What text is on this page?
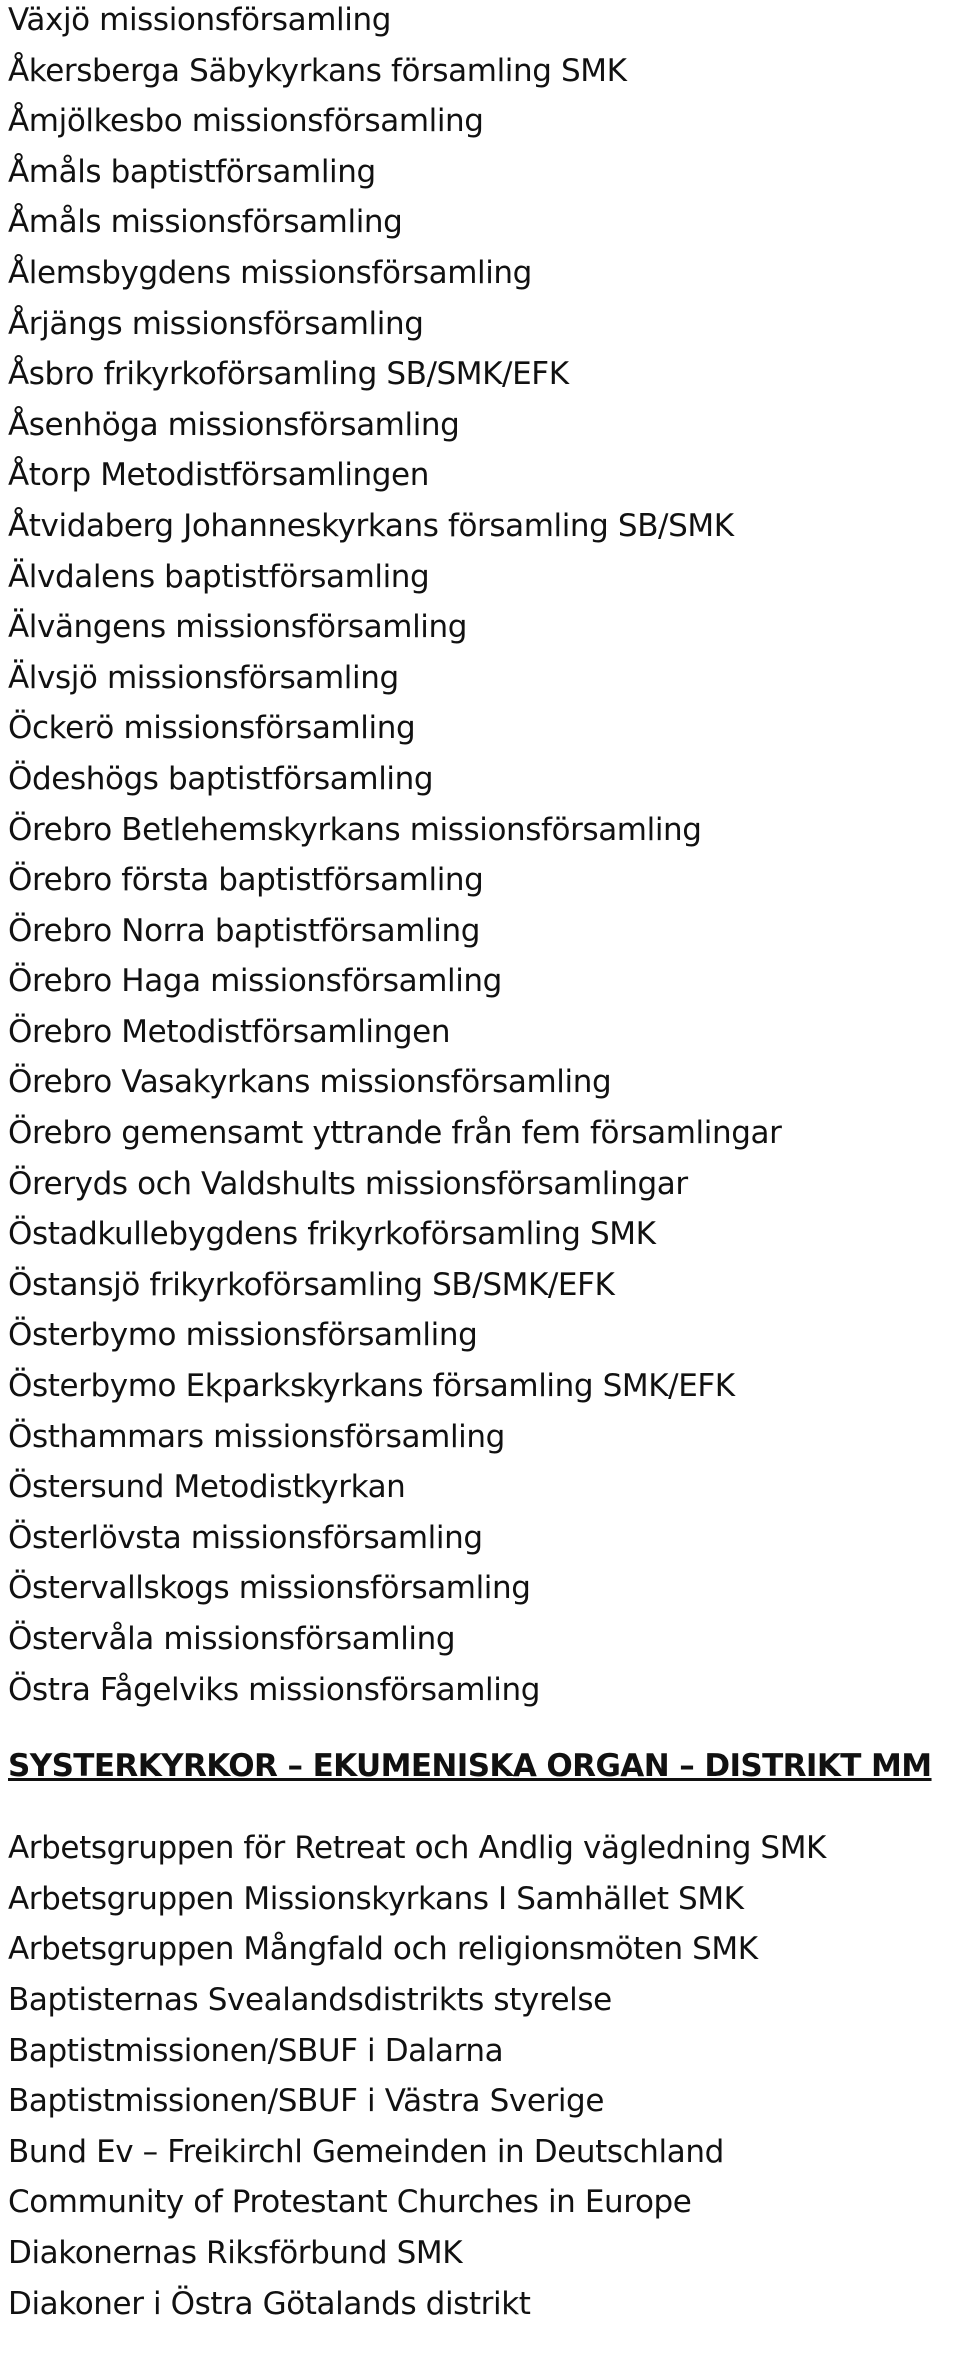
Växjö missionsförsamling
Åkersberga Säbykyrkans församling SMK
Åmjölkesbo missionsförsamling
Åmåls baptistförsamling
Åmåls missionsförsamling
Ålemsbygdens missionsförsamling
Årjängs missionsförsamling
Åsbro frikyrkoförsamling SB/SMK/EFK
Åsenhöga missionsförsamling
Åtorp Metodistförsamlingen
Åtvidaberg Johanneskyrkans församling SB/SMK
Älvdalens baptistförsamling
Älvängens missionsförsamling
Älvsjö missionsförsamling
Öckerö missionsförsamling
Ödeshögs baptistförsamling
Örebro Betlehemskyrkans missionsförsamling
Örebro första baptistförsamling
Örebro Norra baptistförsamling
Örebro Haga missionsförsamling
Örebro Metodistförsamlingen
Örebro Vasakyrkans missionsförsamling
Örebro gemensamt yttrande från fem församlingar
Öreryds och Valdshults missionsförsamlingar
Östadkullebygdens frikyrkoförsamling SMK
Östansjö frikyrkoförsamling SB/SMK/EFK
Österbymo missionsförsamling
Österbymo Ekparkskyrkans församling SMK/EFK
Östhammars missionsförsamling
Östersund Metodistkyrkan
Österlövsta missionsförsamling
Östervallskogs missionsförsamling
Östervåla missionsförsamling
Östra Fågelviks missionsförsamling
SYSTERKYRKOR – EKUMENISKA ORGAN – DISTRIKT MM
Arbetsgruppen för Retreat och Andlig vägledning SMK
Arbetsgruppen Missionskyrkans I Samhället SMK
Arbetsgruppen Mångfald och religionsmöten SMK
Baptisternas Svealandsdistrikts styrelse
Baptistmissionen/SBUF i Dalarna
Baptistmissionen/SBUF i Västra Sverige
Bund Ev – Freikirchl Gemeinden in Deutschland
Community of Protestant Churches in Europe
Diakonernas Riksförbund SMK
Diakoner i Östra Götalands distrikt
